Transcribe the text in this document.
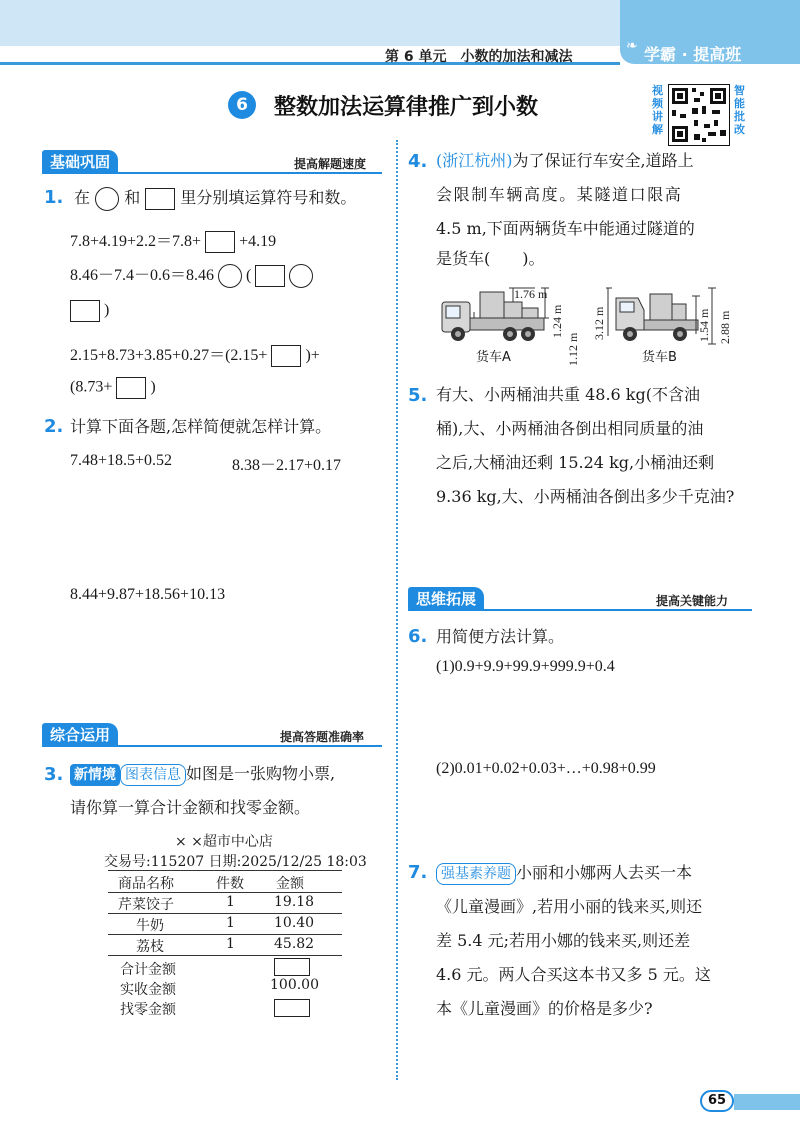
第 6 单元　小数的加法和减法
❧ 学霸 · 提高班
6	整数加法运算律推广到小数
视频讲解
智能批改
基础巩固	提高解题速度
1. 在 和	里分别填运算符号和数。
7.8+4.19+2.2＝7.8+ +4.19
8.46－7.4－0.6＝8.46 (
)
2.15+8.73+3.85+0.27＝(2.15+ )+
(8.73+ )
2. 计算下面各题,怎样简便就怎样计算。
7.48+18.5+0.52	8.38－2.17+0.17
8.44+9.87+18.56+10.13
综合运用	提高答题准确率
3. 新情境 图表信息 如图是一张购物小票,
请你算一算合计金额和找零金额。
× ×超市中心店
交易号:115207 日期:2025/12/25 18:03
商品名称	件数 金额
芹菜饺子	1	19.18
牛奶	1	10.40
荔枝	1	45.82
合计金额
实收金额	100.00
找零金额
4. (浙江杭州)为了保证行车安全,道路上
会限制车辆高度。某隧道口限高
4.5 m,下面两辆货车中能通过隧道的
是货车(　　)。
1.76 m
1.24 m
1.12 m
货车A
3.12 m	1.54 m 2.88 m
货车B
5. 有大、小两桶油共重 48.6 kg(不含油
桶),大、小两桶油各倒出相同质量的油
之后,大桶油还剩 15.24 kg,小桶油还剩
9.36 kg,大、小两桶油各倒出多少千克油?
思维拓展	提高关键能力
6. 用简便方法计算。
(1)0.9+9.9+99.9+999.9+0.4
(2)0.01+0.02+0.03+…+0.98+0.99
7. 强基素养题 小丽和小娜两人去买一本
《儿童漫画》,若用小丽的钱来买,则还
差 5.4 元;若用小娜的钱来买,则还差
4.6 元。两人合买这本书又多 5 元。这
本《儿童漫画》的价格是多少?
65
